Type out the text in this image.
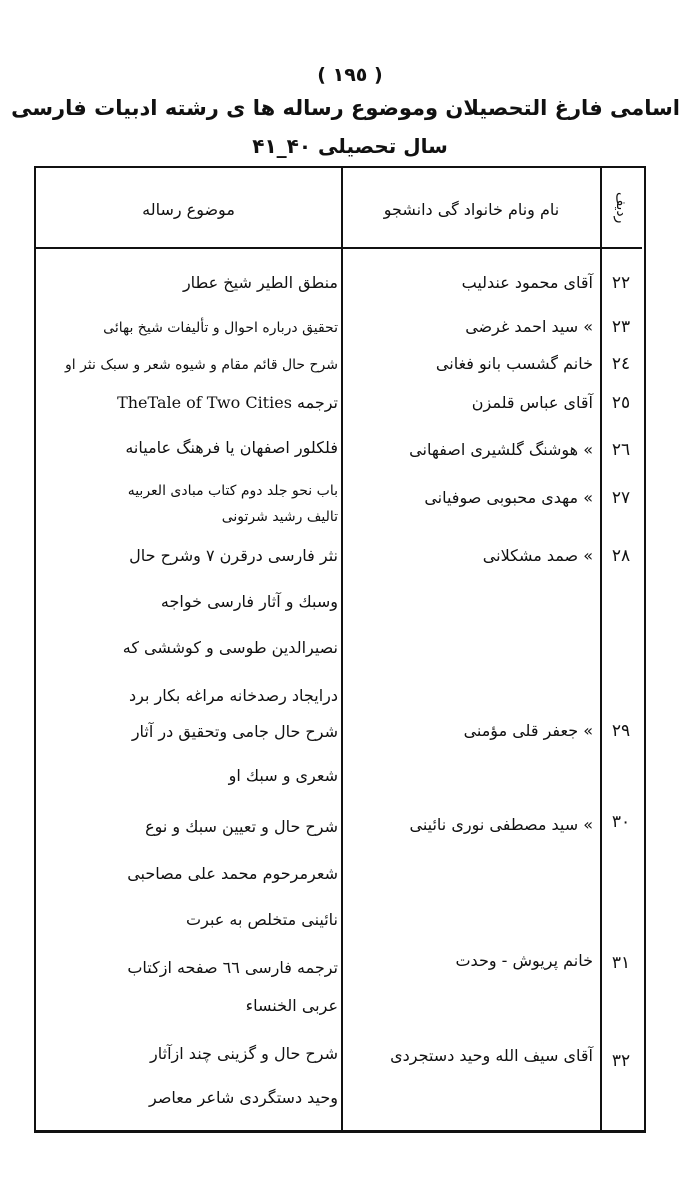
( ١٩٥ )
اسامی فارغ التحصیلان وموضوع رساله ها ی رشته ادبیات فارسی
سال تحصیلی ۴۰_۴۱
ردیف
نام ونام خانواد گی دانشجو
موضوع رساله
۲۲
آقای محمود عندلیب
منطق الطیر شیخ عطار
۲۳
» سید احمد غرضی
تحقیق درباره احوال و تألیفات شیخ بهائی
۲٤
خانم گشسب بانو فغانی
شرح حال قائم مقام و شیوه شعر و سبک نثر او
۲٥
آقای عباس قلمزن
ترجمه TheTale of Two Cities
۲٦
» هوشنگ گلشیری اصفهانی
فلکلور اصفهان یا فرهنگ عامیانه
۲٧
» مهدی محبوبی صوفیانی
باب نحو جلد دوم کتاب مبادی العربیه
تالیف رشید شرتونی
۲۸
» صمد مشکلانی
نثر فارسی درقرن ۷ وشرح حال
وسبك و آثار فارسی خواجه
نصیرالدین طوسی و کوششی که
درایجاد رصدخانه مراغه بکار برد
۲۹
» جعفر قلی مؤمنی
شرح حال جامی وتحقیق در آثار
شعری و سبك او
۳۰
» سید مصطفی نوری نائینی
شرح حال و تعیین سبك و نوع
شعرمرحوم محمد علی مصاحبی
نائینی متخلص به عبرت
۳۱
خانم پریوش - وحدت
ترجمه فارسی ٦٦ صفحه ازکتاب
عربی الخنساء
۳۲
آقای سیف الله وحید دستجردی
شرح حال و گزینی چند ازآثار
وحید دستگردی شاعر معاصر
